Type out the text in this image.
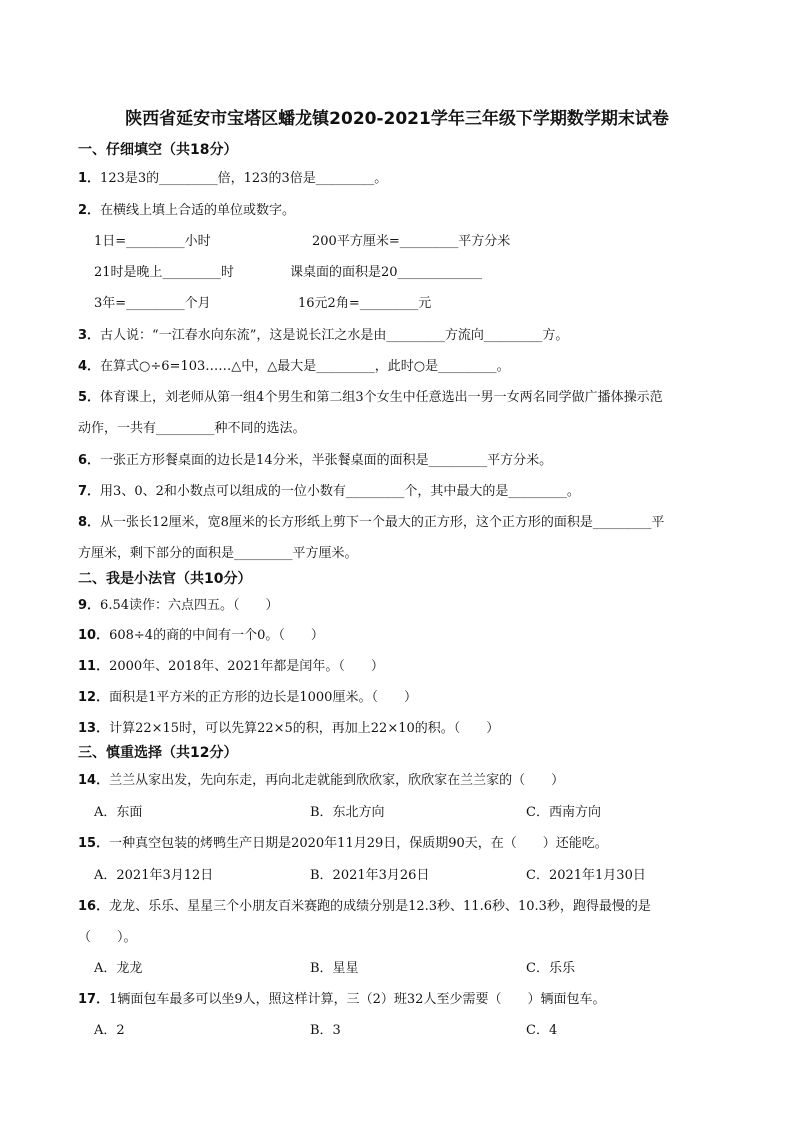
陕西省延安市宝塔区蟠龙镇2020-2021学年三年级下学期数学期末试卷
一、仔细填空（共18分）
1．123是3的_________倍，123的3倍是_________。
2．在横线上填上合适的单位或数字。
1日=_________小时	200平方厘米=_________平方分米
21时是晚上_________时	课桌面的面积是20_____________
3年=_________个月	16元2角=_________元
3．古人说：“一江春水向东流”，这是说长江之水是由_________方流向_________方。
4．在算式○÷6=103……△中，△最大是_________，此时○是_________。
5．体育课上，刘老师从第一组4个男生和第二组3个女生中任意选出一男一女两名同学做广播体操示范
动作，一共有_________种不同的选法。
6．一张正方形餐桌面的边长是14分米，半张餐桌面的面积是_________平方分米。
7．用3、0、2和小数点可以组成的一位小数有_________个，其中最大的是_________。
8．从一张长12厘米，宽8厘米的长方形纸上剪下一个最大的正方形，这个正方形的面积是_________平
方厘米，剩下部分的面积是_________平方厘米。
二、我是小法官（共10分）
9．6.54读作：六点四五。（　　）
10．608÷4的商的中间有一个0。（　　）
11．2000年、2018年、2021年都是闰年。（　　）
12．面积是1平方米的正方形的边长是1000厘米。（　　）
13．计算22×15时，可以先算22×5的积，再加上22×10的积。（　　）
三、慎重选择（共12分）
14．兰兰从家出发，先向东走，再向北走就能到欣欣家，欣欣家在兰兰家的（　　）
A．东面	B．东北方向	C．西南方向
15．一种真空包装的烤鸭生产日期是2020年11月29日，保质期90天，在（　　）还能吃。
A．2021年3月12日	B．2021年3月26日	C．2021年1月30日
16．龙龙、乐乐、星星三个小朋友百米赛跑的成绩分别是12.3秒、11.6秒、10.3秒，跑得最慢的是
（　　）。
A．龙龙	B．星星	C．乐乐
17．1辆面包车最多可以坐9人，照这样计算，三（2）班32人至少需要（　　）辆面包车。
A．2	B．3	C．4
